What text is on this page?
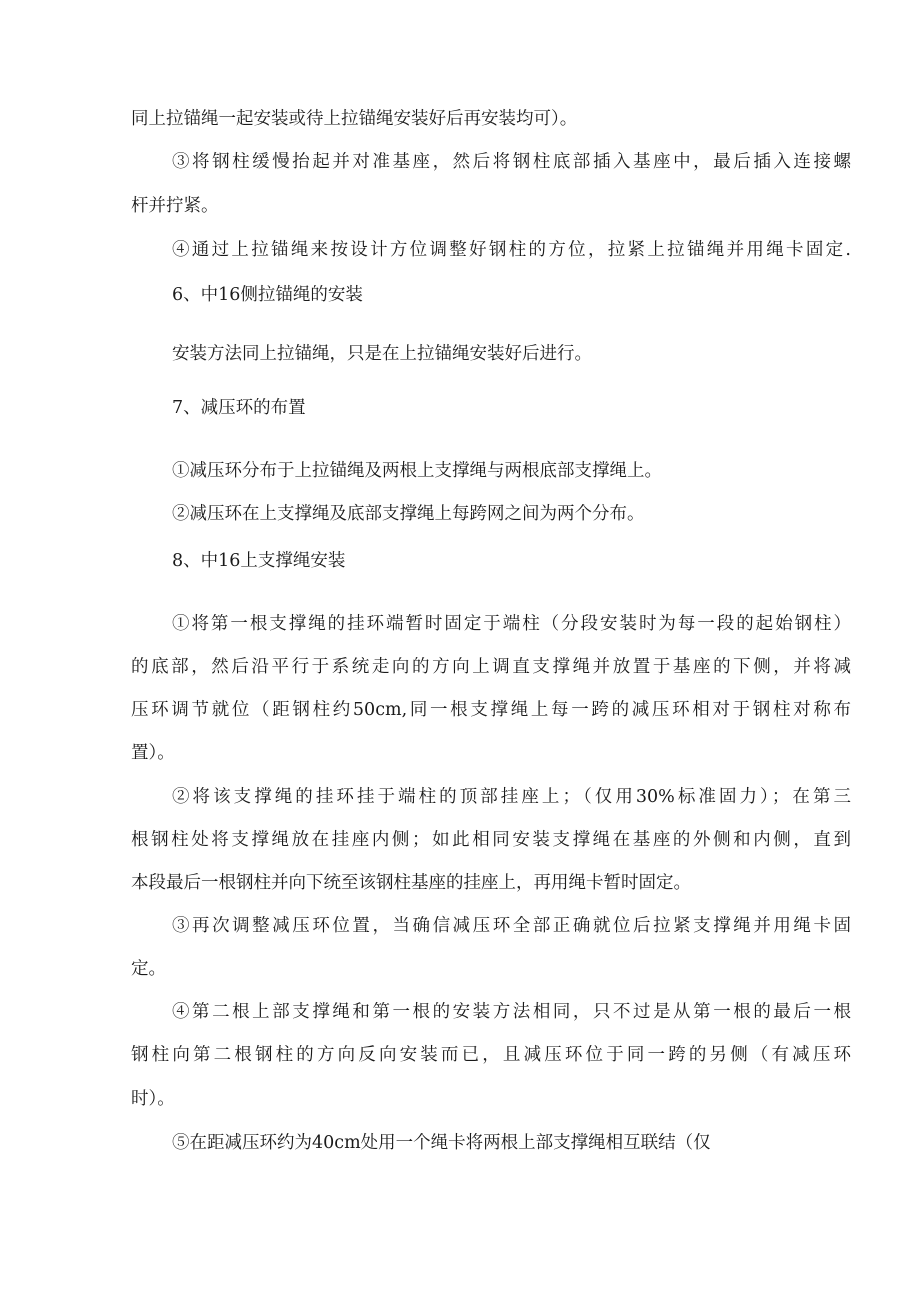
同上拉锚绳一起安装或待上拉锚绳安装好后再安装均可）。
③将钢柱缓慢抬起并对准基座，然后将钢柱底部插入基座中，最后插入连接螺
杆并拧紧。
④通过上拉锚绳来按设计方位调整好钢柱的方位，拉紧上拉锚绳并用绳卡固定.
6、中16侧拉锚绳的安装
安装方法同上拉锚绳，只是在上拉锚绳安装好后进行。
7、减压环的布置
①减压环分布于上拉锚绳及两根上支撑绳与两根底部支撑绳上。
②减压环在上支撑绳及底部支撑绳上每跨网之间为两个分布。
8、中16上支撑绳安装
①将第一根支撑绳的挂环端暂时固定于端柱（分段安装时为每一段的起始钢柱）
的底部，然后沿平行于系统走向的方向上调直支撑绳并放置于基座的下侧，并将减
压环调节就位（距钢柱约50cm,同一根支撑绳上每一跨的减压环相对于钢柱对称布
置）。
②将该支撑绳的挂环挂于端柱的顶部挂座上；（仅用30%标准固力）；在第三
根钢柱处将支撑绳放在挂座内侧；如此相同安装支撑绳在基座的外侧和内侧，直到
本段最后一根钢柱并向下统至该钢柱基座的挂座上，再用绳卡暂时固定。
③再次调整减压环位置，当确信减压环全部正确就位后拉紧支撑绳并用绳卡固
定。
④第二根上部支撑绳和第一根的安装方法相同，只不过是从第一根的最后一根
钢柱向第二根钢柱的方向反向安装而已，且减压环位于同一跨的另侧（有减压环
时）。
⑤在距减压环约为40cm处用一个绳卡将两根上部支撑绳相互联结（仅
